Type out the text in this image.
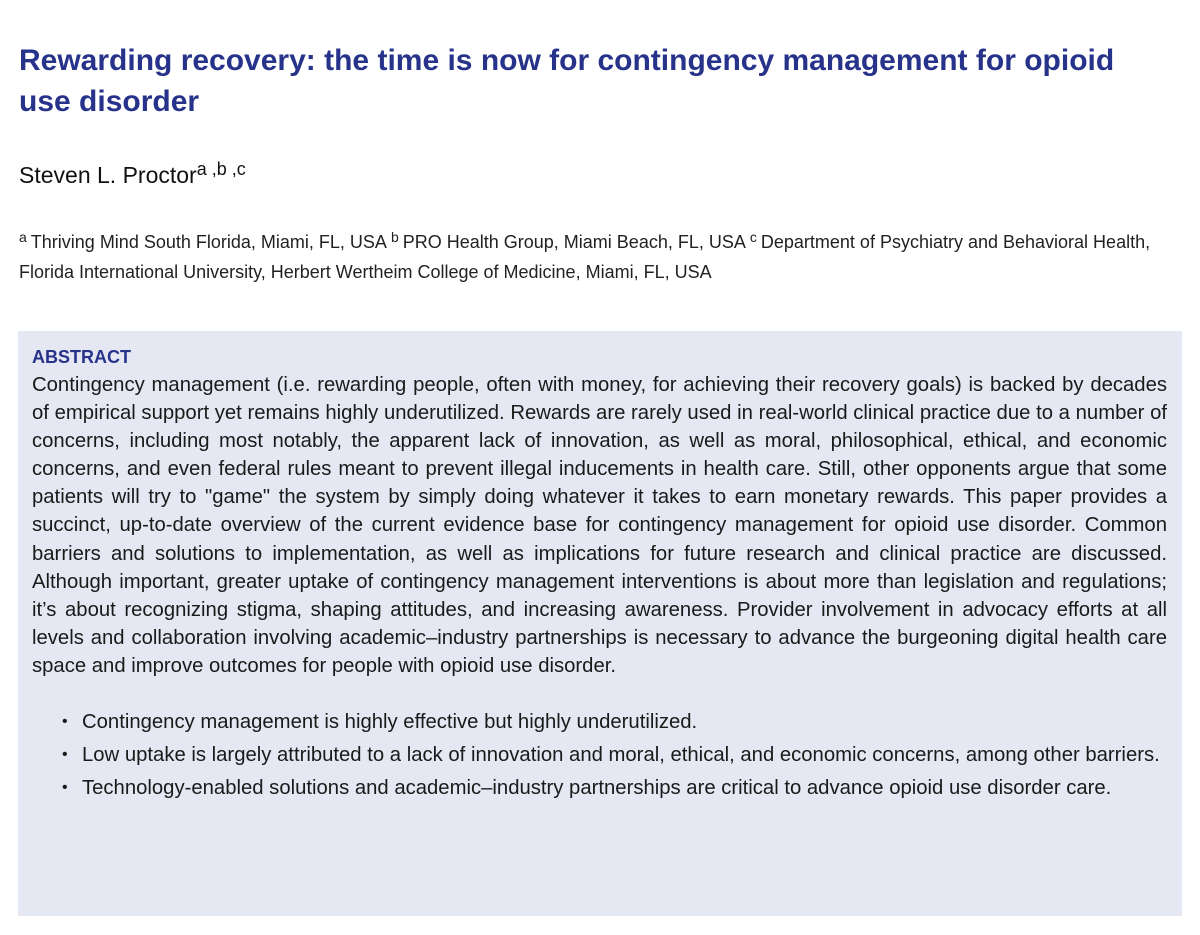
Rewarding recovery: the time is now for contingency management for opioid use disorder
Steven L. Proctor$^{a ,b ,c}$
$^a$ Thriving Mind South Florida, Miami, FL, USA $^b$ PRO Health Group, Miami Beach, FL, USA $^c$ Department of Psychiatry and Behavioral Health, Florida International University, Herbert Wertheim College of Medicine, Miami, FL, USA
ABSTRACT

Contingency management (i.e. rewarding people, often with money, for achieving their recovery goals) is backed by decades of empirical support yet remains highly underutilized. Rewards are rarely used in real-world clinical practice due to a number of concerns, including most notably, the apparent lack of innovation, as well as moral, philosophical, ethical, and economic concerns, and even federal rules meant to prevent illegal inducements in health care. Still, other opponents argue that some patients will try to "game" the system by simply doing whatever it takes to earn monetary rewards. This paper provides a succinct, up-to-date overview of the current evidence base for contingency management for opioid use disorder. Common barriers and solutions to implementation, as well as implications for future research and clinical practice are discussed. Although important, greater uptake of contingency management interventions is about more than legislation and regulations; it’s about recognizing stigma, shaping attitudes, and increasing awareness. Provider involvement in advocacy efforts at all levels and collaboration involving academic–industry partnerships is necessary to advance the burgeoning digital health care space and improve outcomes for people with opioid use disorder.

• Contingency management is highly effective but highly underutilized.
• Low uptake is largely attributed to a lack of innovation and moral, ethical, and economic concerns, among other barriers.
• Technology-enabled solutions and academic–industry partnerships are critical to advance opioid use disorder care.
